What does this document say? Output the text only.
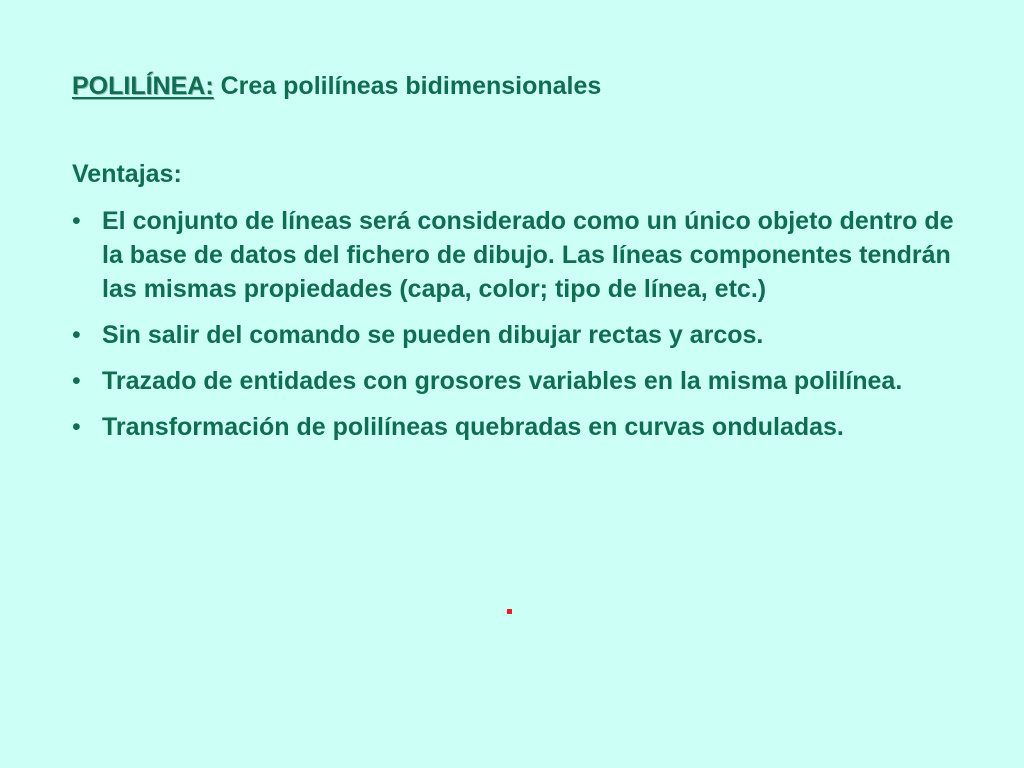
POLILÍNEA: Crea polilíneas bidimensionales
Ventajas:
• El conjunto de líneas será considerado como un único objeto dentro de la base de datos del fichero de dibujo. Las líneas componentes tendrán las mismas propiedades (capa, color; tipo de línea, etc.)
• Sin salir del comando se pueden dibujar rectas y arcos.
• Trazado de entidades con grosores variables en la misma polilínea.
• Transformación de polilíneas quebradas en curvas onduladas.
